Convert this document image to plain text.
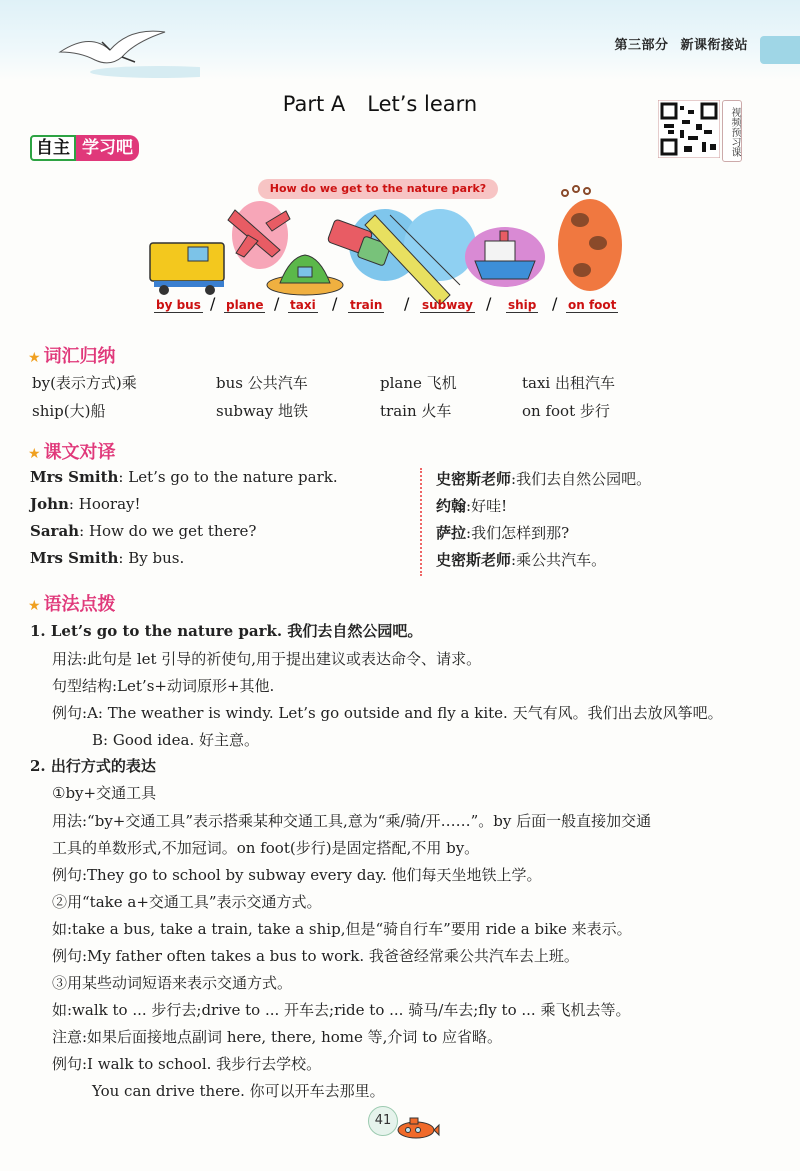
第三部分 新课衔接站
Part A Let’s learn
视频预习课
自主 学习吧
How do we get to the nature park?
by bus / plane / taxi / train / subway / ship / on foot
★ 词汇归纳
by(表示方式)乘	bus 公共汽车	plane 飞机	taxi 出租汽车
ship(大)船	subway 地铁	train 火车	on foot 步行
★ 课文对译
Mrs Smith: Let’s go to the nature park.
John: Hooray!
Sarah: How do we get there?
Mrs Smith: By bus.
史密斯老师:我们去自然公园吧。
约翰:好哇!
萨拉:我们怎样到那?
史密斯老师:乘公共汽车。
★ 语法点拨
1. Let’s go to the nature park. 我们去自然公园吧。
用法:此句是 let 引导的祈使句,用于提出建议或表达命令、请求。
句型结构:Let’s+动词原形+其他.
例句:A: The weather is windy. Let’s go outside and fly a kite. 天气有风。我们出去放风筝吧。
B: Good idea. 好主意。
2. 出行方式的表达
①by+交通工具
用法:“by+交通工具”表示搭乘某种交通工具,意为“乘/骑/开……”。by 后面一般直接加交通
工具的单数形式,不加冠词。on foot(步行)是固定搭配,不用 by。
例句:They go to school by subway every day. 他们每天坐地铁上学。
②用“take a+交通工具”表示交通方式。
如:take a bus, take a train, take a ship,但是“骑自行车”要用 ride a bike 来表示。
例句:My father often takes a bus to work. 我爸爸经常乘公共汽车去上班。
③用某些动词短语来表示交通方式。
如:walk to ... 步行去;drive to ... 开车去;ride to ... 骑马/车去;fly to ... 乘飞机去等。
注意:如果后面接地点副词 here, there, home 等,介词 to 应省略。
例句:I walk to school. 我步行去学校。
You can drive there. 你可以开车去那里。
41
